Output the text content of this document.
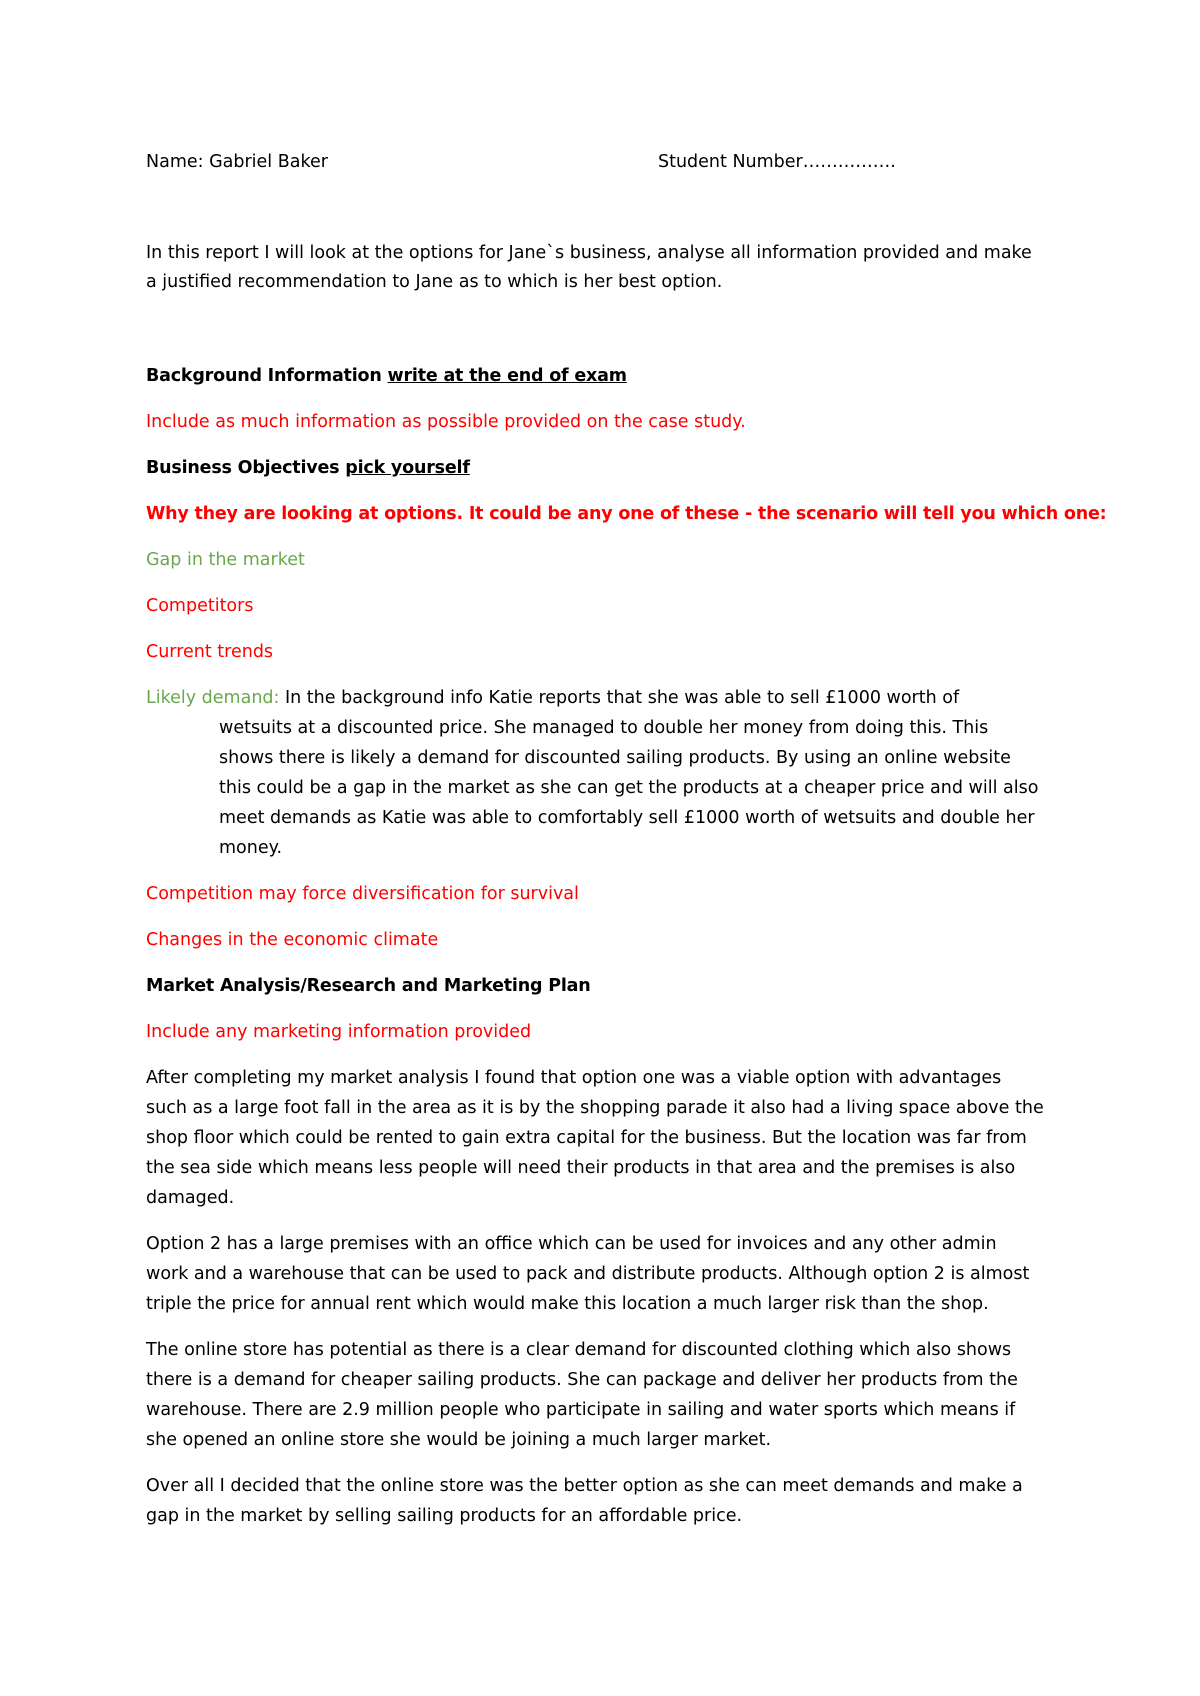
Name: Gabriel Baker	Student Number…………….

In this report I will look at the options for Jane`s business, analyse all information provided and make

a justified recommendation to Jane as to which is her best option.

Background Information write at the end of exam

Include as much information as possible provided on the case study.

Business Objectives pick yourself

Why they are looking at options. It could be any one of these - the scenario will tell you which one:

Gap in the market

Competitors

Current trends

Likely demand: In the background info Katie reports that she was able to sell £1000 worth of

wetsuits at a discounted price. She managed to double her money from doing this. This

shows there is likely a demand for discounted sailing products. By using an online website

this could be a gap in the market as she can get the products at a cheaper price and will also

meet demands as Katie was able to comfortably sell £1000 worth of wetsuits and double her

money.

Competition may force diversification for survival

Changes in the economic climate

Market Analysis/Research and Marketing Plan

Include any marketing information provided

After completing my market analysis I found that option one was a viable option with advantages

such as a large foot fall in the area as it is by the shopping parade it also had a living space above the

shop floor which could be rented to gain extra capital for the business. But the location was far from

the sea side which means less people will need their products in that area and the premises is also

damaged.

Option 2 has a large premises with an office which can be used for invoices and any other admin

work and a warehouse that can be used to pack and distribute products. Although option 2 is almost

triple the price for annual rent which would make this location a much larger risk than the shop.

The online store has potential as there is a clear demand for discounted clothing which also shows

there is a demand for cheaper sailing products. She can package and deliver her products from the

warehouse. There are 2.9 million people who participate in sailing and water sports which means if

she opened an online store she would be joining a much larger market.

Over all I decided that the online store was the better option as she can meet demands and make a

gap in the market by selling sailing products for an affordable price.
